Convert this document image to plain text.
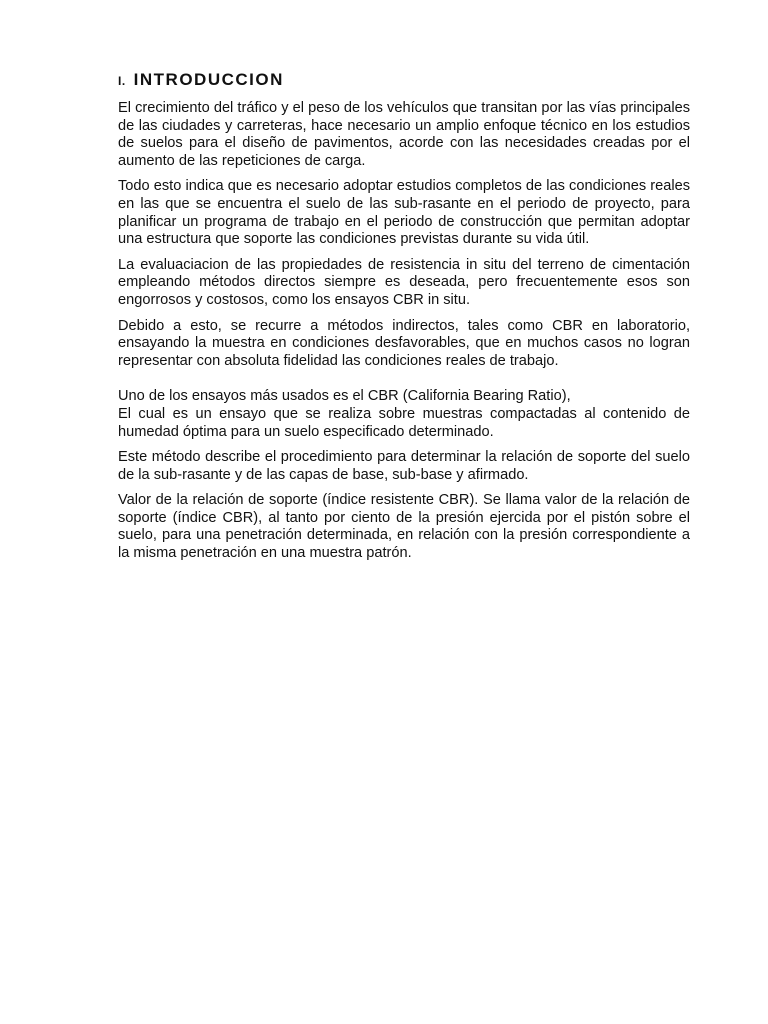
I. INTRODUCCION

El crecimiento del tráfico y el peso de los vehículos que transitan por las vías principales de las ciudades y carreteras, hace necesario un amplio enfoque técnico en los estudios de suelos para el diseño de pavimentos, acorde con las necesidades creadas por el aumento de las repeticiones de carga.

Todo esto indica que es necesario adoptar estudios completos de las condiciones reales en las que se encuentra el suelo de las sub-rasante en el periodo de proyecto, para planificar un programa de trabajo en el periodo de construcción que permitan adoptar una estructura que soporte las condiciones previstas durante su vida útil.

La evaluaciacion de las propiedades de resistencia in situ del terreno de cimentación empleando métodos directos siempre es deseada, pero frecuentemente esos son engorrosos y costosos, como los ensayos CBR in situ.

Debido a esto, se recurre a métodos indirectos, tales como CBR en laboratorio, ensayando la muestra en condiciones desfavorables, que en muchos casos no logran representar con absoluta fidelidad las condiciones reales de trabajo.

Uno de los ensayos más usados es el CBR (California Bearing Ratio),
El cual es un ensayo que se realiza sobre muestras compactadas al contenido de humedad óptima para un suelo especificado determinado.

Este método describe el procedimiento para determinar la relación de soporte del suelo de la sub-rasante y de las capas de base, sub-base y afirmado.

Valor de la relación de soporte (índice resistente CBR). Se llama valor de la relación de soporte (índice CBR), al tanto por ciento de la presión ejercida por el pistón sobre el suelo, para una penetración determinada, en relación con la presión correspondiente a la misma penetración en una muestra patrón.
